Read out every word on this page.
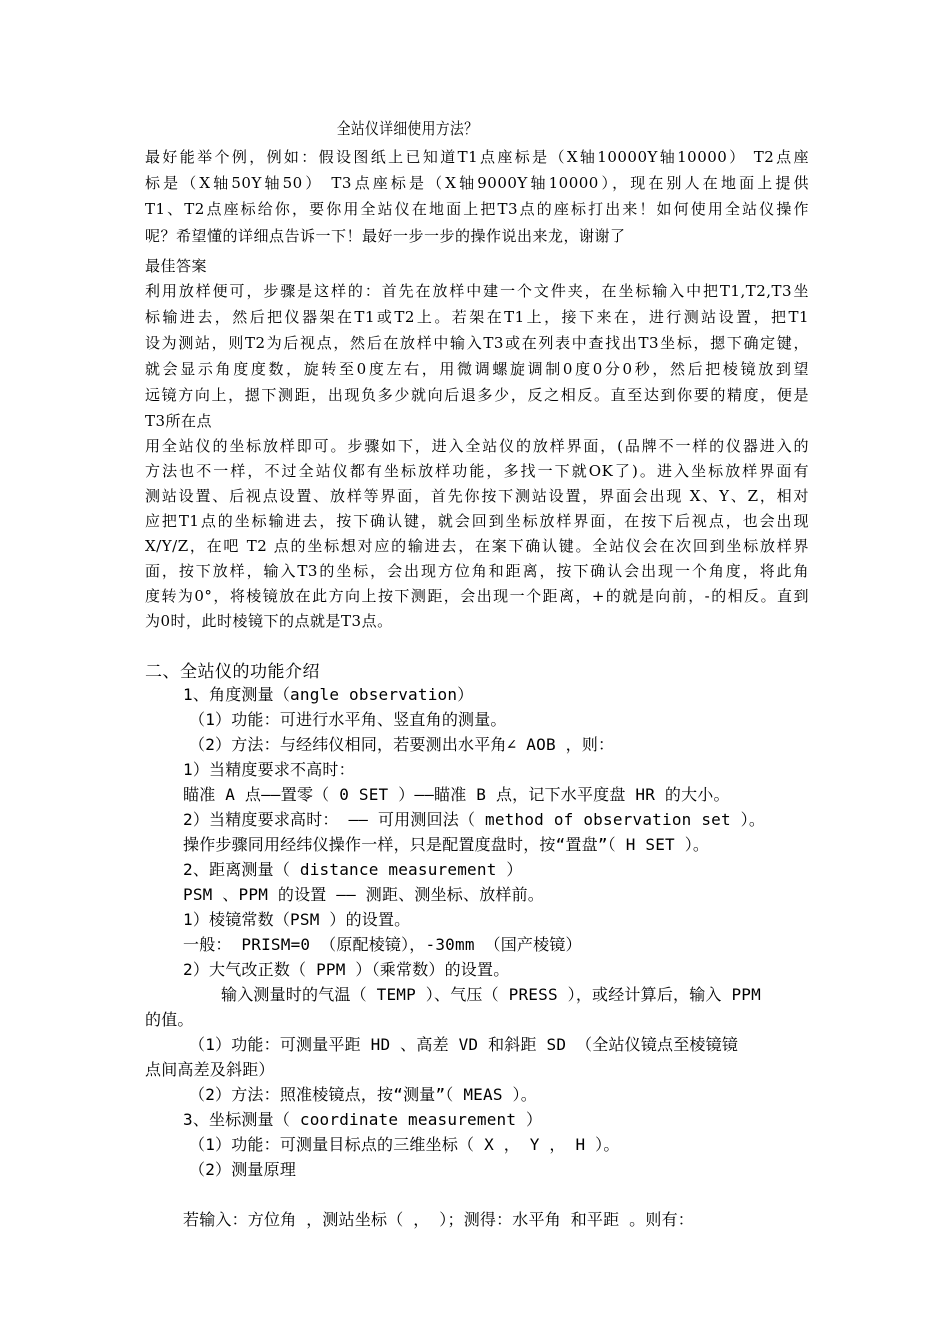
全站仪详细使用方法？
最好能举个例，例如：假设图纸上已知道T1点座标是（X轴10000Y轴10000） T2点座
标是（X轴50Y轴50） T3点座标是（X轴9000Y轴10000），现在别人在地面上提供
T1、T2点座标给你，要你用全站仪在地面上把T3点的座标打出来！如何使用全站仪操作
呢？希望懂的详细点告诉一下！最好一步一步的操作说出来龙，谢谢了
最佳答案
利用放样便可，步骤是这样的：首先在放样中建一个文件夹，在坐标输入中把T1,T2,T3坐
标输进去，然后把仪器架在T1或T2上。若架在T1上，接下来在，进行测站设置，把T1
设为测站，则T2为后视点，然后在放样中输入T3或在列表中查找出T3坐标，摁下确定键，
就会显示角度度数，旋转至0度左右，用微调螺旋调制0度0分0秒，然后把棱镜放到望
远镜方向上，摁下测距，出现负多少就向后退多少，反之相反。直至达到你要的精度，便是
T3所在点
用全站仪的坐标放样即可。步骤如下，进入全站仪的放样界面，(品牌不一样的仪器进入的
方法也不一样，不过全站仪都有坐标放样功能，多找一下就OK了)。进入坐标放样界面有
测站设置、后视点设置、放样等界面，首先你按下测站设置，界面会出现 X、Y、Z，相对
应把T1点的坐标输进去，按下确认键，就会回到坐标放样界面，在按下后视点，也会出现
X/Y/Z，在吧 T2 点的坐标想对应的输进去，在案下确认键。全站仪会在次回到坐标放样界
面，按下放样，输入T3的坐标，会出现方位角和距离，按下确认会出现一个角度，将此角
度转为0°，将棱镜放在此方向上按下测距，会出现一个距离，+的就是向前，-的相反。直到
为0时，此时棱镜下的点就是T3点。
二、全站仪的功能介绍
1、角度测量（angle observation）
（1）功能：可进行水平角、竖直角的测量。
（2）方法：与经纬仪相同，若要测出水平角∠ AOB ，则：
1）当精度要求不高时：
瞄准 A 点——置零（ 0 SET ）——瞄准 B 点，记下水平度盘 HR 的大小。
2）当精度要求高时： —— 可用测回法（ method of observation set ）。
操作步骤同用经纬仪操作一样，只是配置度盘时，按“置盘”（ H SET ）。
2、距离测量（ distance measurement ）
PSM 、PPM 的设置 —— 测距、测坐标、放样前。
1）棱镜常数（PSM ）的设置。
一般： PRISM=0 （原配棱镜），-30mm （国产棱镜）
2）大气改正数（ PPM ）（乘常数）的设置。
输入测量时的气温（ TEMP ）、气压（ PRESS ），或经计算后，输入 PPM
的值。
（1）功能：可测量平距 HD 、高差 VD 和斜距 SD （全站仪镜点至棱镜镜
点间高差及斜距）
（2）方法：照准棱镜点，按“测量”（ MEAS ）。
3、坐标测量（ coordinate measurement ）
（1）功能：可测量目标点的三维坐标（ X ， Y ， H ）。
（2）测量原理
若输入：方位角 ，测站坐标（ ， ）；测得：水平角 和平距 。则有：
